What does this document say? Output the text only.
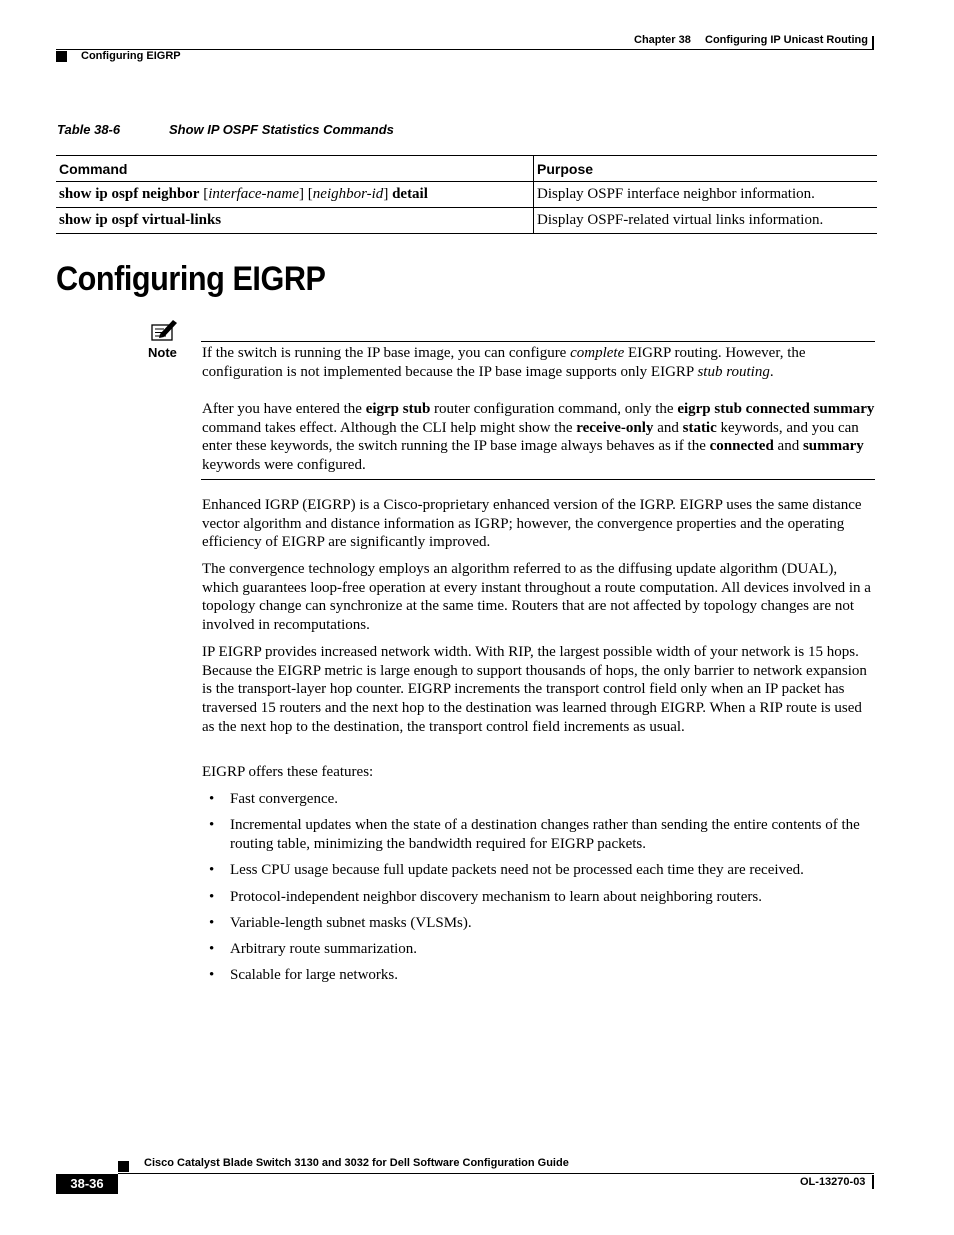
Chapter 38 Configuring IP Unicast Routing
Configuring EIGRP
Table 38-6	Show IP OSPF Statistics Commands
Command	Purpose
show ip ospf neighbor [interface-name] [neighbor-id] detail	Display OSPF interface neighbor information.
show ip ospf virtual-links	Display OSPF-related virtual links information.
Configuring EIGRP
Note If the switch is running the IP base image, you can configure complete EIGRP routing. However, the configuration is not implemented because the IP base image supports only EIGRP stub routing.
After you have entered the eigrp stub router configuration command, only the eigrp stub connected summary command takes effect. Although the CLI help might show the receive-only and static keywords, and you can enter these keywords, the switch running the IP base image always behaves as if the connected and summary keywords were configured.
Enhanced IGRP (EIGRP) is a Cisco-proprietary enhanced version of the IGRP. EIGRP uses the same distance vector algorithm and distance information as IGRP; however, the convergence properties and the operating efficiency of EIGRP are significantly improved.
The convergence technology employs an algorithm referred to as the diffusing update algorithm (DUAL), which guarantees loop-free operation at every instant throughout a route computation. All devices involved in a topology change can synchronize at the same time. Routers that are not affected by topology changes are not involved in recomputations.
IP EIGRP provides increased network width. With RIP, the largest possible width of your network is 15 hops. Because the EIGRP metric is large enough to support thousands of hops, the only barrier to network expansion is the transport-layer hop counter. EIGRP increments the transport control field only when an IP packet has traversed 15 routers and the next hop to the destination was learned through EIGRP. When a RIP route is used as the next hop to the destination, the transport control field increments as usual.
EIGRP offers these features:
• Fast convergence.
• Incremental updates when the state of a destination changes rather than sending the entire contents of the routing table, minimizing the bandwidth required for EIGRP packets.
• Less CPU usage because full update packets need not be processed each time they are received.
• Protocol-independent neighbor discovery mechanism to learn about neighboring routers.
• Variable-length subnet masks (VLSMs).
• Arbitrary route summarization.
• Scalable for large networks.
Cisco Catalyst Blade Switch 3130 and 3032 for Dell Software Configuration Guide
OL-13270-03
38-36
